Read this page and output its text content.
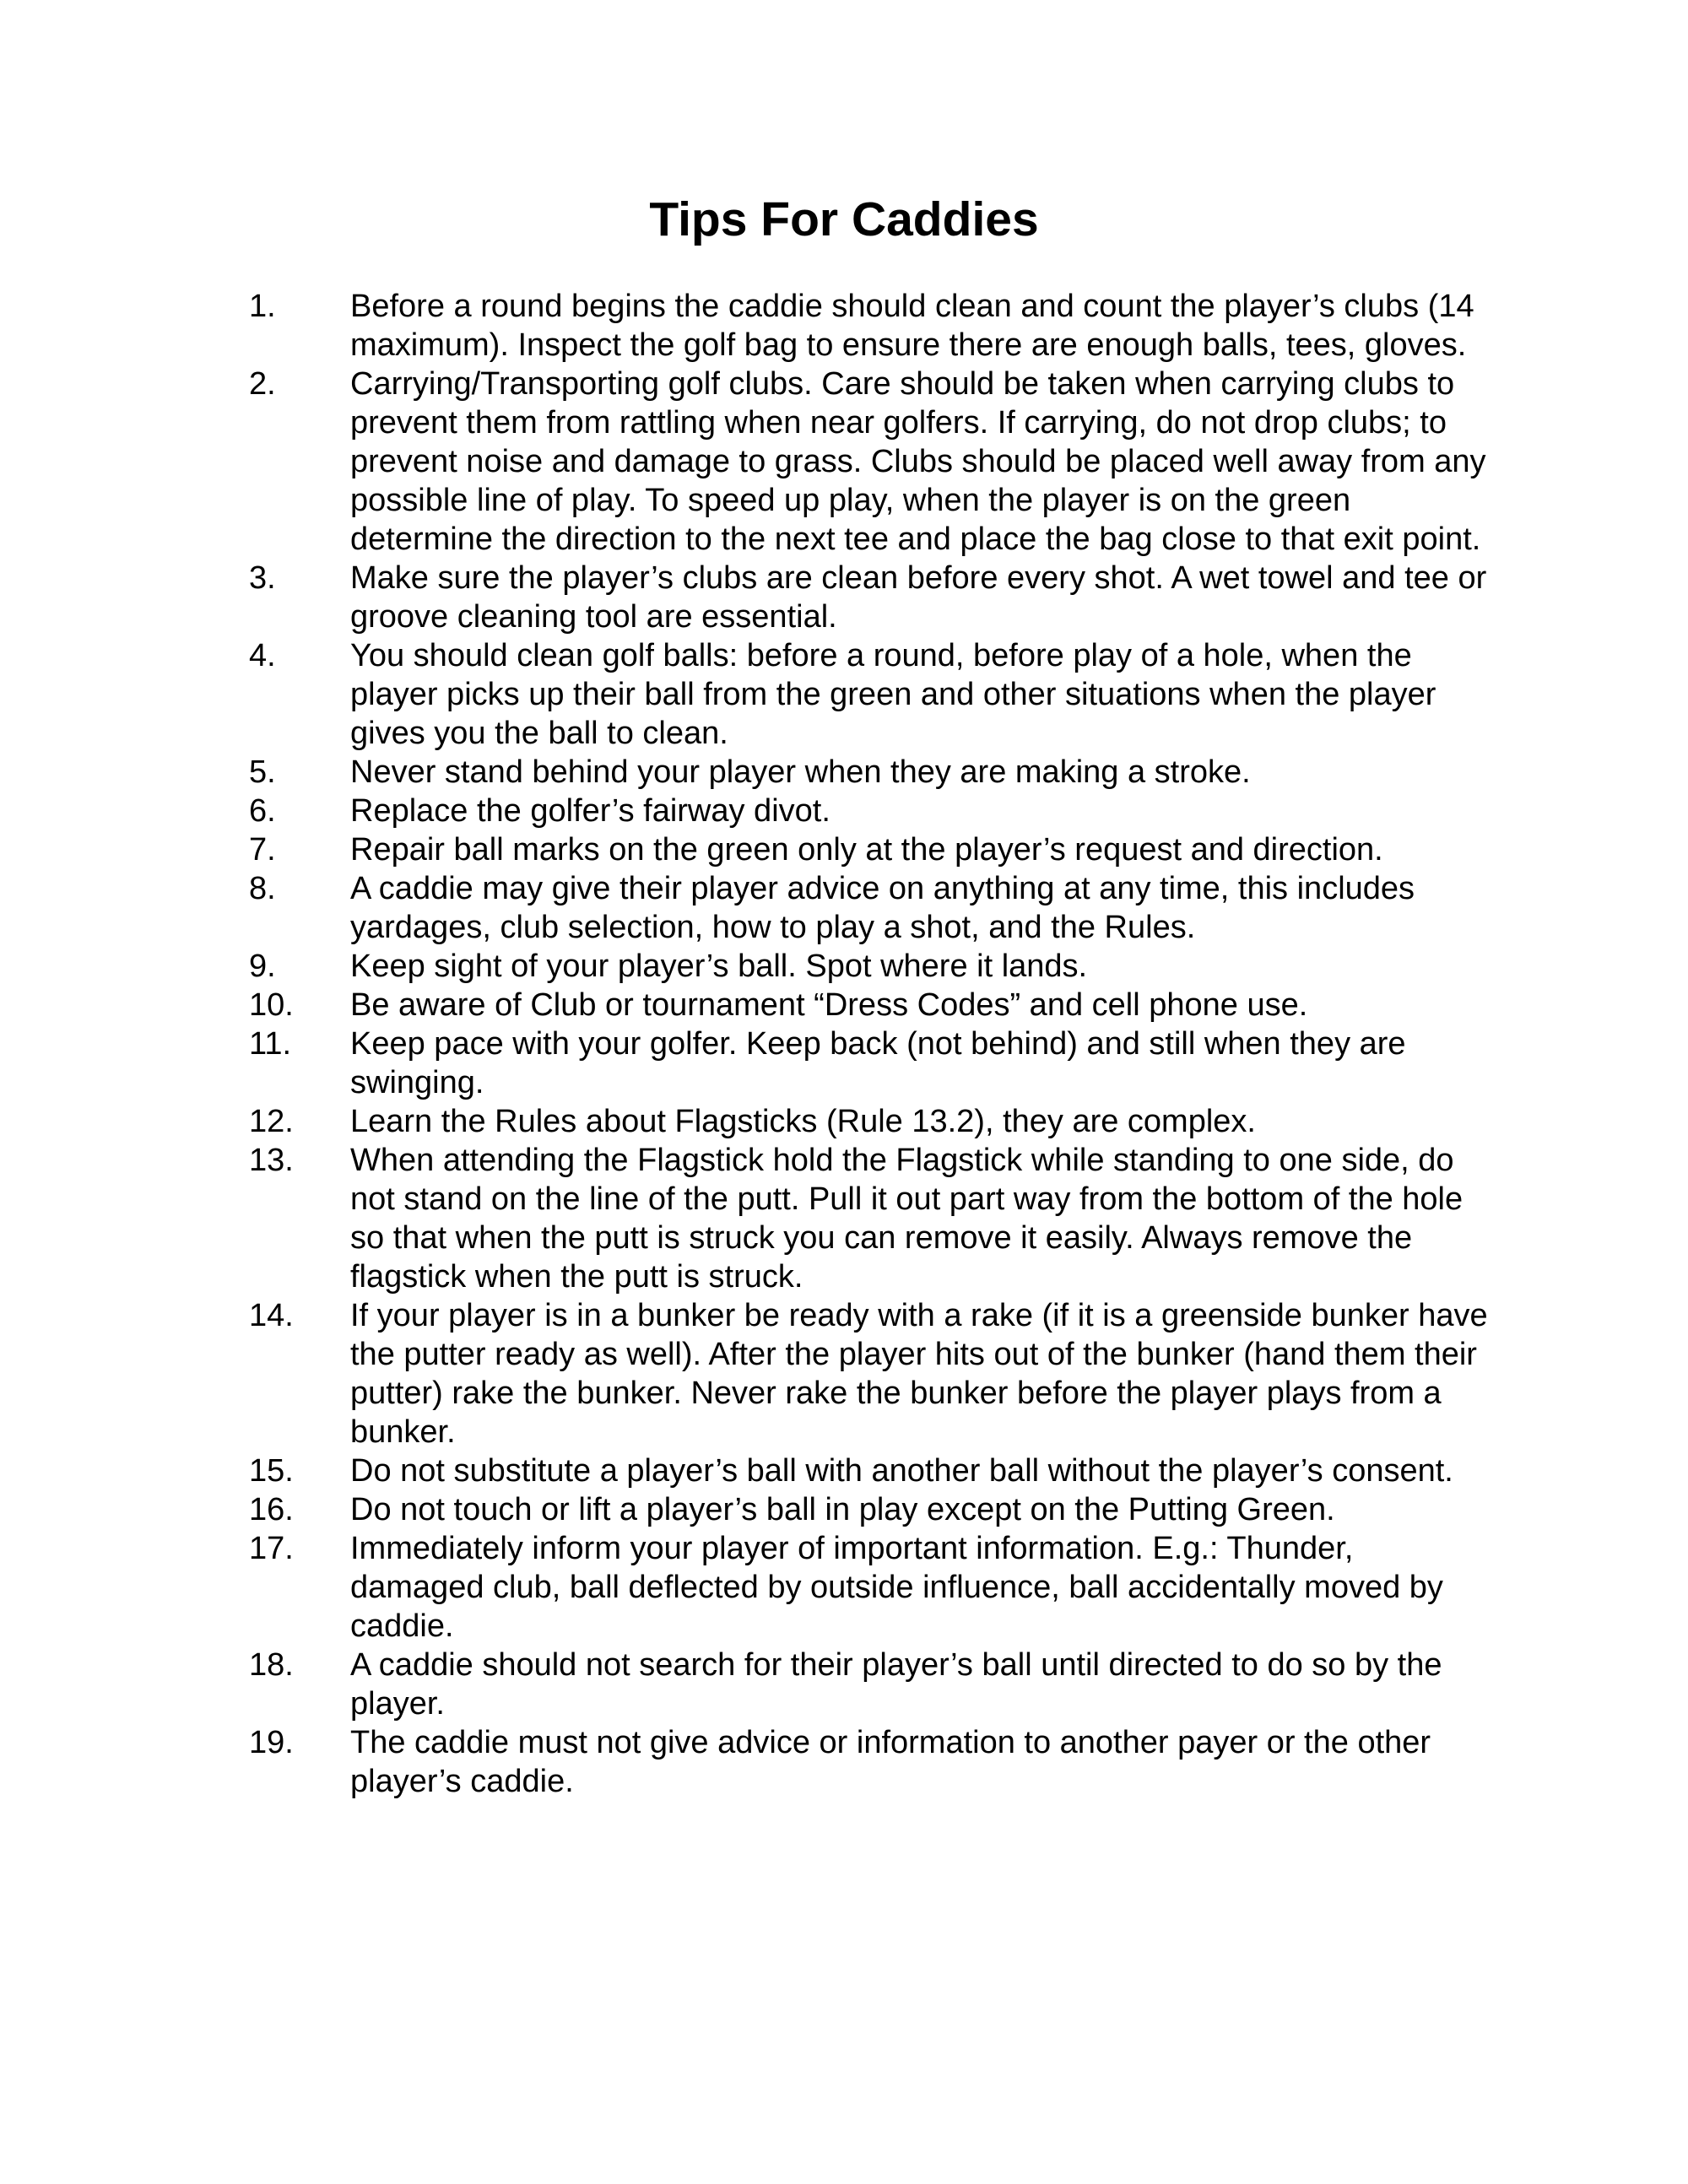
Tips For Caddies
1.	Before a round begins the caddie should clean and count the player’s clubs (14 maximum). Inspect the golf bag to ensure there are enough balls, tees, gloves.
2.	Carrying/Transporting golf clubs. Care should be taken when carrying clubs to prevent them from rattling when near golfers. If carrying, do not drop clubs; to prevent noise and damage to grass. Clubs should be placed well away from any possible line of play. To speed up play, when the player is on the green determine the direction to the next tee and place the bag close to that exit point.
3.	Make sure the player’s clubs are clean before every shot. A wet towel and tee or groove cleaning tool are essential.
4.	You should clean golf balls: before a round, before play of a hole, when the player picks up their ball from the green and other situations when the player gives you the ball to clean.
5.	Never stand behind your player when they are making a stroke.
6.	Replace the golfer’s fairway divot.
7.	Repair ball marks on the green only at the player’s request and direction.
8.	A caddie may give their player advice on anything at any time, this includes yardages, club selection, how to play a shot, and the Rules.
9.	Keep sight of your player’s ball. Spot where it lands.
10.	Be aware of Club or tournament “Dress Codes” and cell phone use.
11.	Keep pace with your golfer. Keep back (not behind) and still when they are swinging.
12.	Learn the Rules about Flagsticks (Rule 13.2), they are complex.
13.	When attending the Flagstick hold the Flagstick while standing to one side, do not stand on the line of the putt. Pull it out part way from the bottom of the hole so that when the putt is struck you can remove it easily. Always remove the flagstick when the putt is struck.
14.	If your player is in a bunker be ready with a rake (if it is a greenside bunker have the putter ready as well). After the player hits out of the bunker (hand them their putter) rake the bunker. Never rake the bunker before the player plays from a bunker.
15.	Do not substitute a player’s ball with another ball without the player’s consent.
16.	Do not touch or lift a player’s ball in play except on the Putting Green.
17.	Immediately inform your player of important information. E.g.: Thunder, damaged club, ball deflected by outside influence, ball accidentally moved by caddie.
18.	A caddie should not search for their player’s ball until directed to do so by the player.
19.	The caddie must not give advice or information to another payer or the other player’s caddie.
